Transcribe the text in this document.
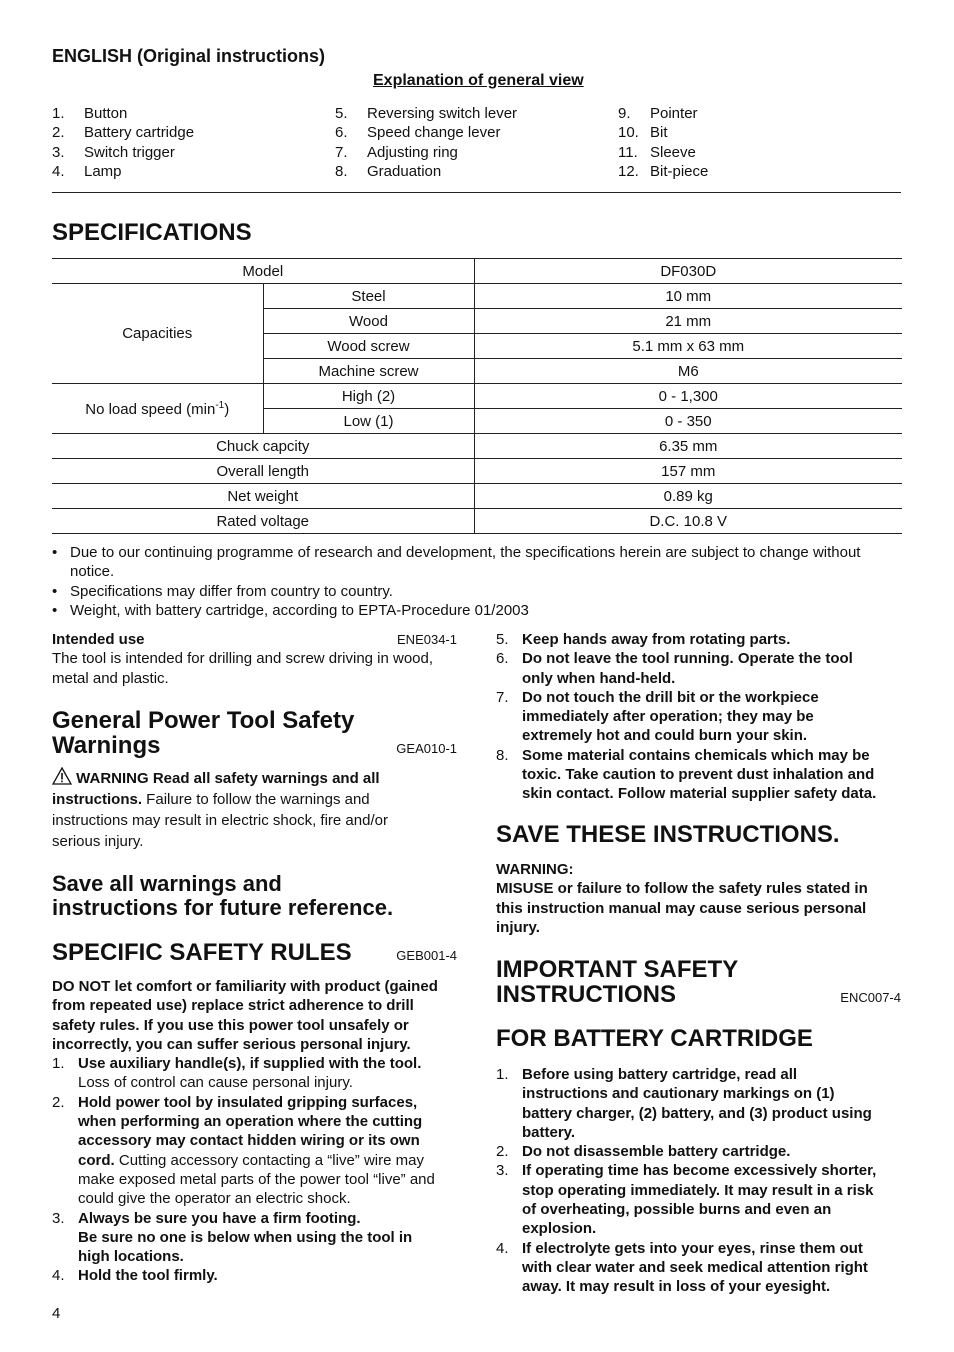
ENGLISH (Original instructions)
Explanation of general view
1.	Button
2.	Battery cartridge
3.	Switch trigger
4.	Lamp
5.	Reversing switch lever
6.	Speed change lever
7.	Adjusting ring
8.	Graduation
9.	Pointer
10. Bit
11. Sleeve
12. Bit-piece
SPECIFICATIONS
Model		DF030D
Capacities	Steel	10 mm
	Wood	21 mm
	Wood screw	5.1 mm x 63 mm
	Machine screw	M6
No load speed $(\min^{-1})$	High (2)	0 - 1,300
	Low (1)	0 - 350
Chuck capcity		6.35 mm
Overall length		157 mm
Net weight		0.89 kg
Rated voltage		D.C. 10.8 V
• Due to our continuing programme of research and development, the specifications herein are subject to change without notice.
• Specifications may differ from country to country.
• Weight, with battery cartridge, according to EPTA-Procedure 01/2003
Intended use	ENE034-1
The tool is intended for drilling and screw driving in wood, metal and plastic.
General Power Tool Safety
Warnings	GEA010-1
WARNING Read all safety warnings and all
instructions. Failure to follow the warnings and
instructions may result in electric shock, fire and/or
serious injury.
Save all warnings and
instructions for future reference.
SPECIFIC SAFETY RULES	GEB001-4
DO NOT let comfort or familiarity with product (gained
from repeated use) replace strict adherence to drill
safety rules. If you use this power tool unsafely or
incorrectly, you can suffer serious personal injury.
1. Use auxiliary handle(s), if supplied with the tool.
Loss of control can cause personal injury.
2. Hold power tool by insulated gripping surfaces,
when performing an operation where the cutting
accessory may contact hidden wiring or its own
cord. Cutting accessory contacting a “live” wire may
make exposed metal parts of the power tool “live” and
could give the operator an electric shock.
3. Always be sure you have a firm footing.
Be sure no one is below when using the tool in
high locations.
4. Hold the tool firmly.
5. Keep hands away from rotating parts.
6. Do not leave the tool running. Operate the tool
only when hand-held.
7. Do not touch the drill bit or the workpiece
immediately after operation; they may be
extremely hot and could burn your skin.
8. Some material contains chemicals which may be
toxic. Take caution to prevent dust inhalation and
skin contact. Follow material supplier safety data.
SAVE THESE INSTRUCTIONS.
WARNING:
MISUSE or failure to follow the safety rules stated in
this instruction manual may cause serious personal
injury.
IMPORTANT SAFETY
INSTRUCTIONS	ENC007-4
FOR BATTERY CARTRIDGE
1. Before using battery cartridge, read all
instructions and cautionary markings on (1)
battery charger, (2) battery, and (3) product using
battery.
2. Do not disassemble battery cartridge.
3. If operating time has become excessively shorter,
stop operating immediately. It may result in a risk
of overheating, possible burns and even an
explosion.
4. If electrolyte gets into your eyes, rinse them out
with clear water and seek medical attention right
away. It may result in loss of your eyesight.
4
